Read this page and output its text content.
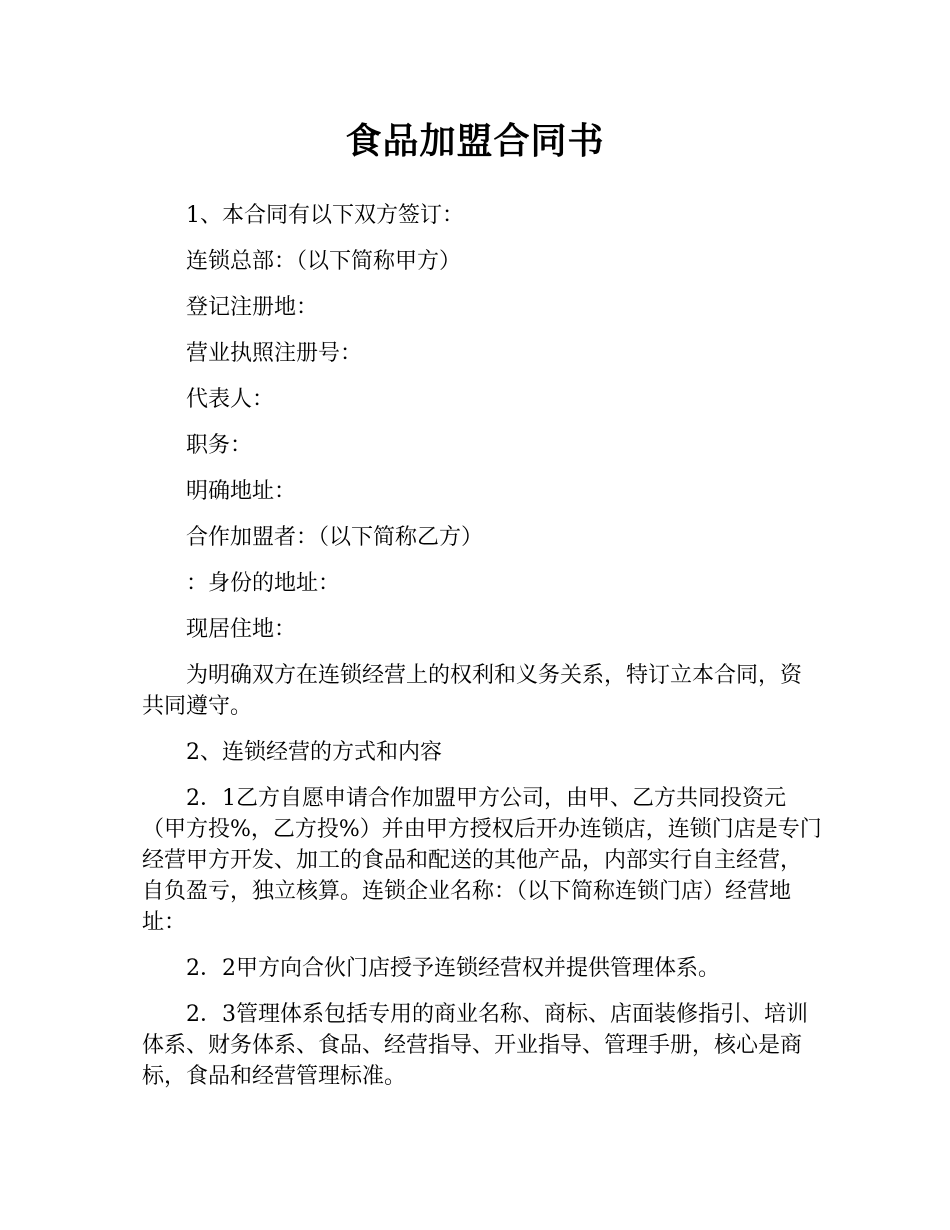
食品加盟合同书

1、本合同有以下双方签订：

连锁总部：（以下简称甲方）

登记注册地：

营业执照注册号：

代表人：

职务：

明确地址：

合作加盟者：（以下简称乙方）

：身份的地址：

现居住地：

为明确双方在连锁经营上的权利和义务关系，特订立本合同，资共同遵守。

2、连锁经营的方式和内容

2．1乙方自愿申请合作加盟甲方公司，由甲、乙方共同投资元（甲方投%，乙方投%）并由甲方授权后开办连锁店，连锁门店是专门经营甲方开发、加工的食品和配送的其他产品，内部实行自主经营，自负盈亏，独立核算。连锁企业名称：（以下简称连锁门店）经营地址：

2．2甲方向合伙门店授予连锁经营权并提供管理体系。

2．3管理体系包括专用的商业名称、商标、店面装修指引、培训体系、财务体系、食品、经营指导、开业指导、管理手册，核心是商标，食品和经营管理标准。
